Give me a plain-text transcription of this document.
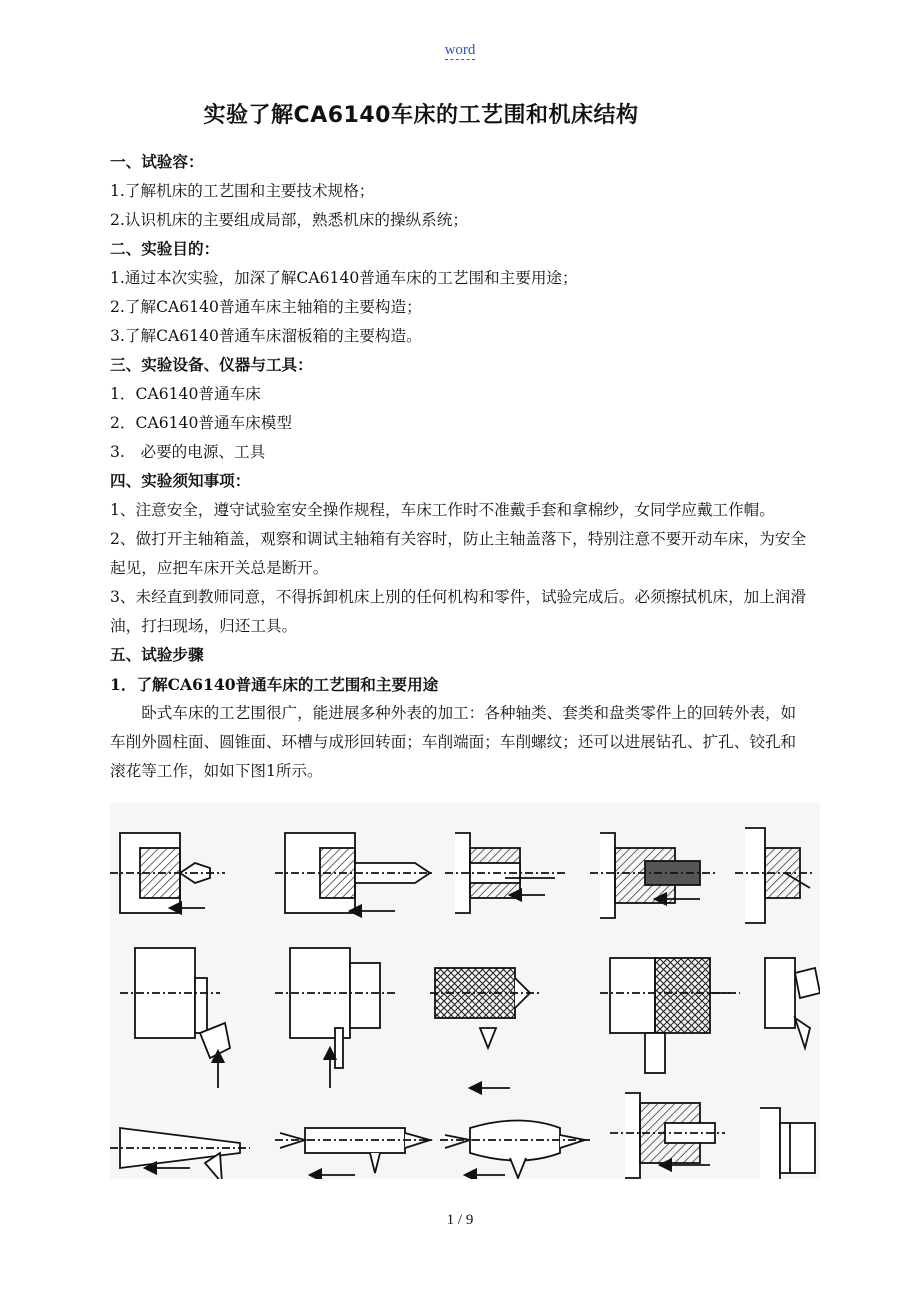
word
实验了解CA6140车床的工艺围和机床结构

一、试验容：

1.了解机床的工艺围和主要技术规格；

2.认识机床的主要组成局部，熟悉机床的操纵系统；

二、实验目的：

1.通过本次实验，加深了解CA6140普通车床的工艺围和主要用途；

2.了解CA6140普通车床主轴箱的主要构造；

3.了解CA6140普通车床溜板箱的主要构造。

三、实验设备、仪器与工具：

1．CA6140普通车床

2．CA6140普通车床模型

3.　必要的电源、工具

四、实验须知事项：

1、注意安全，遵守试验室安全操作规程，车床工作时不准戴手套和拿棉纱，女同学应戴工作帽。

2、做打开主轴箱盖，观察和调试主轴箱有关容时，防止主轴盖落下，特别注意不要开动车床，为安全起见，应把车床开关总是断开。

3、未经直到教师同意，不得拆卸机床上別的任何机构和零件，试验完成后。必须擦拭机床，加上润滑油，打扫现场，归还工具。

五、试验步骤

1．了解CA6140普通车床的工艺围和主要用途

卧式车床的工艺围很广，能进展多种外表的加工：各种轴类、套类和盘类零件上的回转外表，如车削外圆柱面、圆锥面、环槽与成形回转面；车削端面；车削螺纹；还可以进展钻孔、扩孔、铰孔和滚花等工作，如如下图1所示。

1 / 9
